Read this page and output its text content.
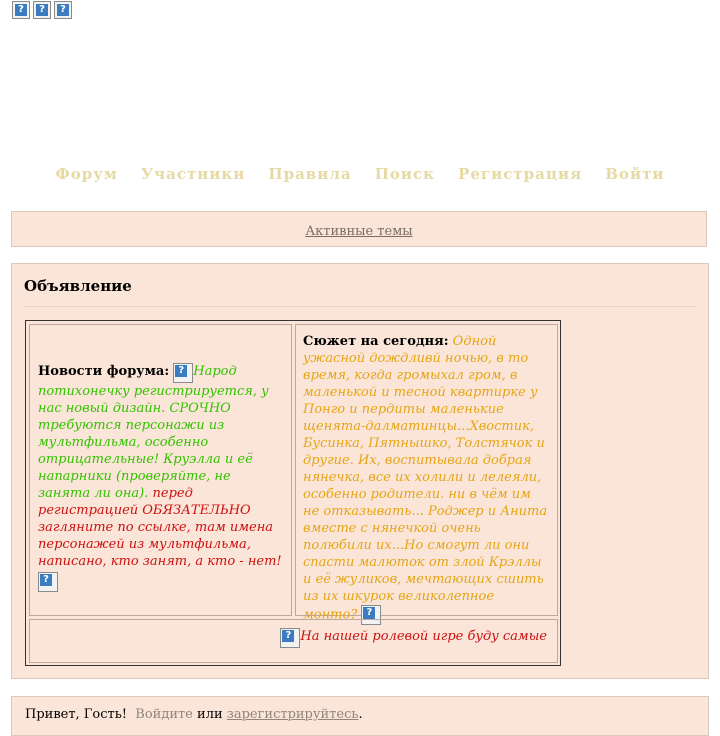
?
?
?
Форум Участники Правила Поиск Регистрация Войти
Активные темы
Объявление
Новости форума: ? Народ потихонечку регистрируется, у нас новый дизайн. СРОЧНО требуются персонажи из мультфильма, особенно отрицательные! Круэлла и её напарники (проверяйте, не занята ли она). перед регистрацией ОБЯЗАТЕЛЬНО загляните по ссылке, там имена персонажей из мультфильма, написано, кто занят, а кто - нет! ?
Сюжет на сегодня: Одной ужасной дождливй ночью, в то время, когда громыхал гром, в маленькой и тесной квартирке у Понго и пердиты маленькие щенята-далматинцы...Хвостик, Бусинка, Пятнышко, Толстячок и другие. Их, воспитывала добрая нянечка, все их холили и лелеяли, особенно родители. ни в чём им не отказывать... Роджер и Анита вместе с нянечкой очень полюбили их...Но смогут ли они спасти малюток от злой Крэллы и её жуликов, мечтающих сшить из их шкурок великолепное монто? ?
?На нашей ролевой игре буду самые
Привет, Гость! Войдите или зарегистрируйтесь.
